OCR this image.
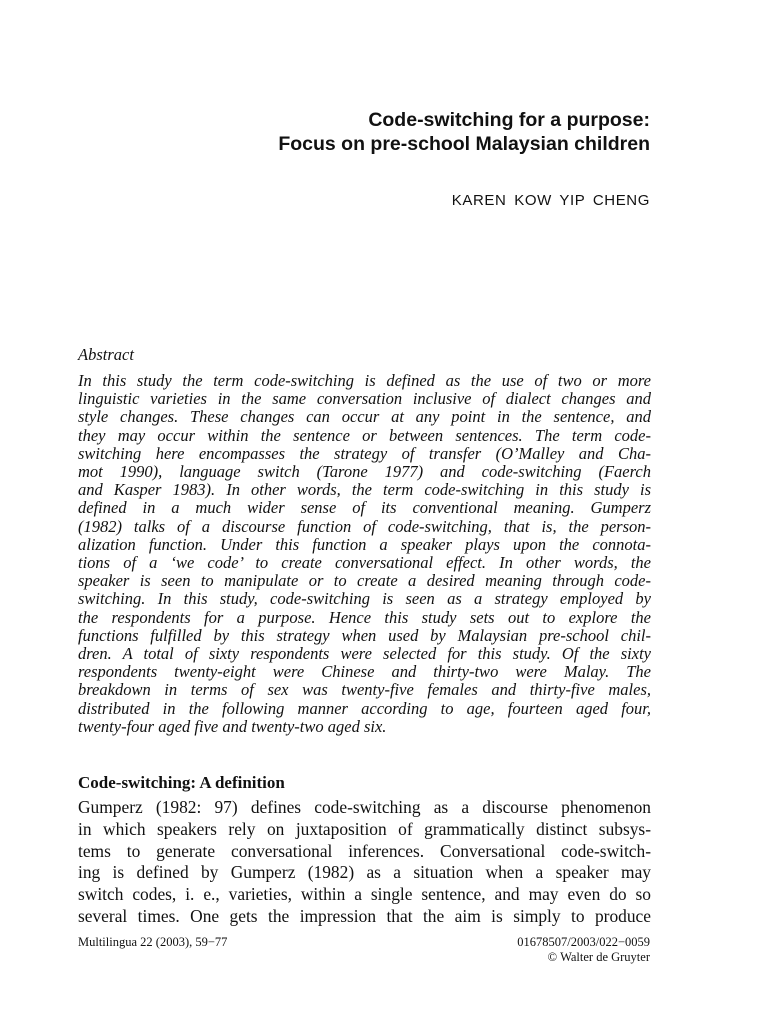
Code-switching for a purpose:
Focus on pre-school Malaysian children
KAREN KOW YIP CHENG
Abstract
In this study the term code-switching is defined as the use of two or more
linguistic varieties in the same conversation inclusive of dialect changes and
style changes. These changes can occur at any point in the sentence, and
they may occur within the sentence or between sentences. The term code-
switching here encompasses the strategy of transfer (O’Malley and Cha-
mot 1990), language switch (Tarone 1977) and code-switching (Faerch
and Kasper 1983). In other words, the term code-switching in this study is
defined in a much wider sense of its conventional meaning. Gumperz
(1982) talks of a discourse function of code-switching, that is, the person-
alization function. Under this function a speaker plays upon the connota-
tions of a ‘we code’ to create conversational effect. In other words, the
speaker is seen to manipulate or to create a desired meaning through code-
switching. In this study, code-switching is seen as a strategy employed by
the respondents for a purpose. Hence this study sets out to explore the
functions fulfilled by this strategy when used by Malaysian pre-school chil-
dren. A total of sixty respondents were selected for this study. Of the sixty
respondents twenty-eight were Chinese and thirty-two were Malay. The
breakdown in terms of sex was twenty-five females and thirty-five males,
distributed in the following manner according to age, fourteen aged four,
twenty-four aged five and twenty-two aged six.
Code-switching: A definition
Gumperz (1982: 97) defines code-switching as a discourse phenomenon
in which speakers rely on juxtaposition of grammatically distinct subsys-
tems to generate conversational inferences. Conversational code-switch-
ing is defined by Gumperz (1982) as a situation when a speaker may
switch codes, i. e., varieties, within a single sentence, and may even do so
several times. One gets the impression that the aim is simply to produce
Multilingua 22 (2003), 59−77	01678507/2003/022−0059
© Walter de Gruyter
